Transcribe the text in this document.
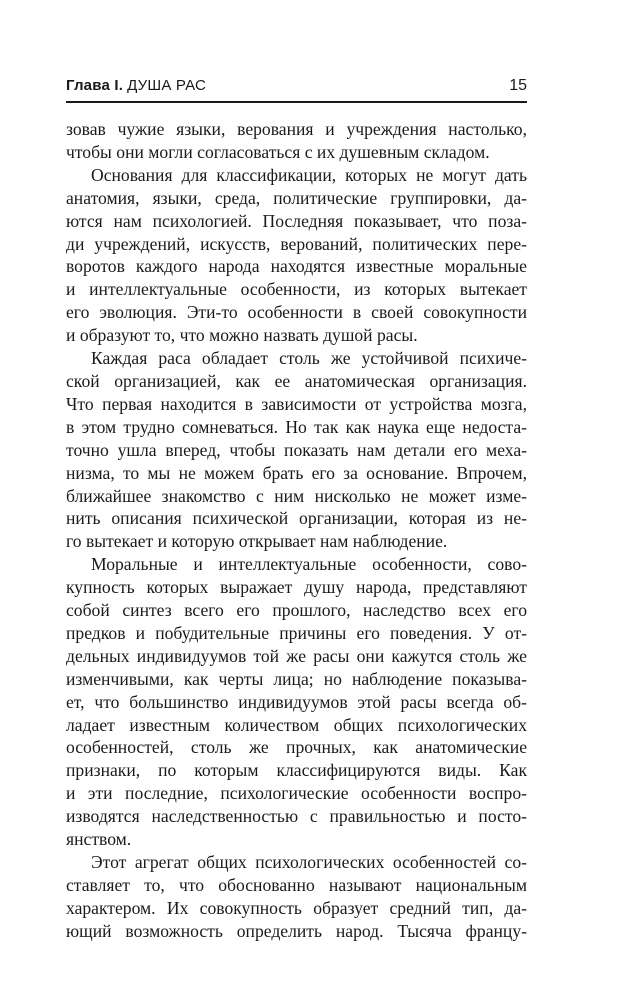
Глава I. ДУША РАС	15
зовав чужие языки, верования и учреждения настолько,
чтобы они могли согласоваться с их душевным складом.
Основания для классификации, которых не могут дать
анатомия, языки, среда, политические группировки, да-
ются нам психологией. Последняя показывает, что поза-
ди учреждений, искусств, верований, политических пере-
воротов каждого народа находятся известные моральные
и интеллектуальные особенности, из которых вытекает
его эволюция. Эти-то особенности в своей совокупности
и образуют то, что можно назвать душой расы.
Каждая раса обладает столь же устойчивой психиче-
ской организацией, как ее анатомическая организация.
Что первая находится в зависимости от устройства мозга,
в этом трудно сомневаться. Но так как наука еще недоста-
точно ушла вперед, чтобы показать нам детали его меха-
низма, то мы не можем брать его за основание. Впрочем,
ближайшее знакомство с ним нисколько не может изме-
нить описания психической организации, которая из не-
го вытекает и которую открывает нам наблюдение.
Моральные и интеллектуальные особенности, сово-
купность которых выражает душу народа, представляют
собой синтез всего его прошлого, наследство всех его
предков и побудительные причины его поведения. У от-
дельных индивидуумов той же расы они кажутся столь же
изменчивыми, как черты лица; но наблюдение показыва-
ет, что большинство индивидуумов этой расы всегда об-
ладает известным количеством общих психологических
особенностей, столь же прочных, как анатомические
признаки, по которым классифицируются виды. Как
и эти последние, психологические особенности воспро-
изводятся наследственностью с правильностью и посто-
янством.
Этот агрегат общих психологических особенностей со-
ставляет то, что обоснованно называют национальным
характером. Их совокупность образует средний тип, да-
ющий возможность определить народ. Тысяча францу-
